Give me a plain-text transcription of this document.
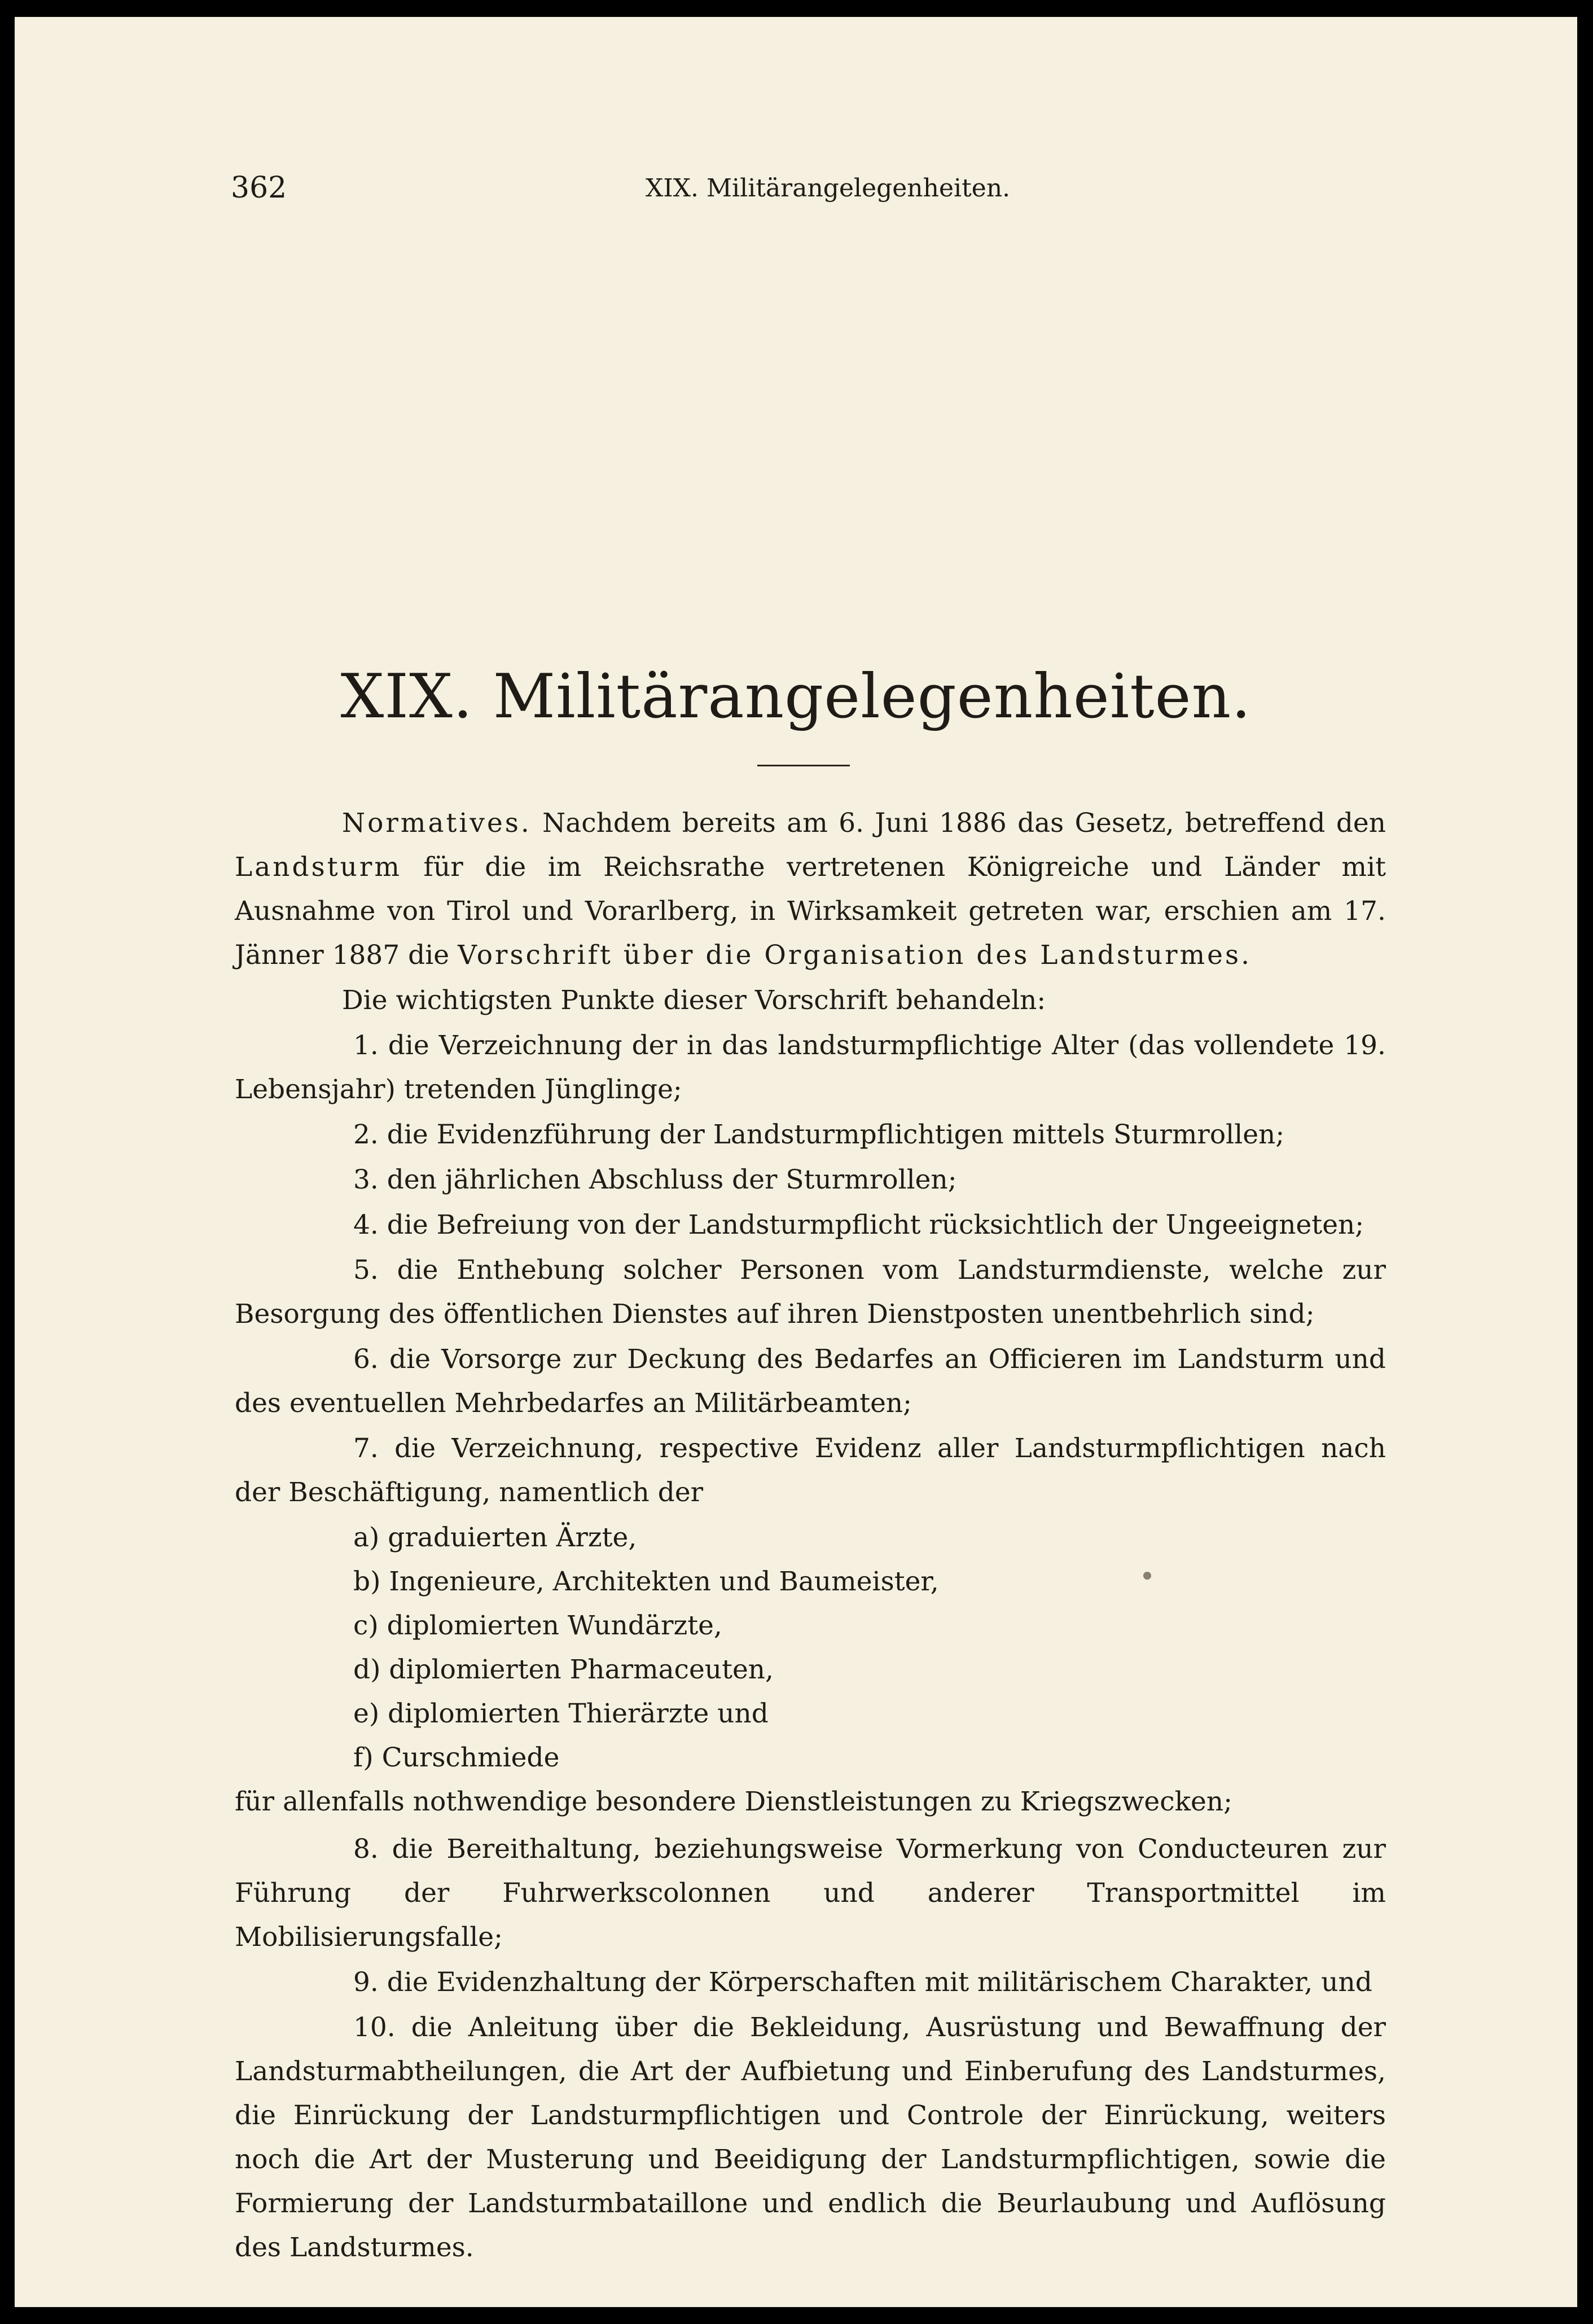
362	XIX. Militärangelegenheiten.
XIX. Militärangelegenheiten.

Normatives. Nachdem bereits am 6. Juni 1886 das Gesetz, betreffend den Landsturm für die im Reichsrathe vertretenen Königreiche und Länder mit Ausnahme von Tirol und Vorarlberg, in Wirksamkeit getreten war, erschien am 17. Jänner 1887 die Vorschrift über die Organisation des Landsturmes.

Die wichtigsten Punkte dieser Vorschrift behandeln:

1. die Verzeichnung der in das landsturmpflichtige Alter (das vollendete 19. Lebensjahr) tretenden Jünglinge;

2. die Evidenzführung der Landsturmpflichtigen mittels Sturmrollen;

3. den jährlichen Abschluss der Sturmrollen;

4. die Befreiung von der Landsturmpflicht rücksichtlich der Ungeeigneten;

5. die Enthebung solcher Personen vom Landsturmdienste, welche zur Besorgung des öffentlichen Dienstes auf ihren Dienstposten unentbehrlich sind;

6. die Vorsorge zur Deckung des Bedarfes an Officieren im Landsturm und des eventuellen Mehrbedarfes an Militärbeamten;

7. die Verzeichnung, respective Evidenz aller Landsturmpflichtigen nach der Beschäftigung, namentlich der

a) graduierten Ärzte,

b) Ingenieure, Architekten und Baumeister,

c) diplomierten Wundärzte,

d) diplomierten Pharmaceuten,

e) diplomierten Thierärzte und

f) Curschmiede

für allenfalls nothwendige besondere Dienstleistungen zu Kriegszwecken;

8. die Bereithaltung, beziehungsweise Vormerkung von Conducteuren zur Führung der Fuhrwerkscolonnen und anderer Transportmittel im Mobilisierungsfalle;

9. die Evidenzhaltung der Körperschaften mit militärischem Charakter, und

10. die Anleitung über die Bekleidung, Ausrüstung und Bewaffnung der Landsturmabtheilungen, die Art der Aufbietung und Einberufung des Landsturmes, die Einrückung der Landsturmpflichtigen und Controle der Einrückung, weiters noch die Art der Musterung und Beeidigung der Landsturmpflichtigen, sowie die Formierung der Landsturmbataillone und endlich die Beurlaubung und Auflösung des Landsturmes.
